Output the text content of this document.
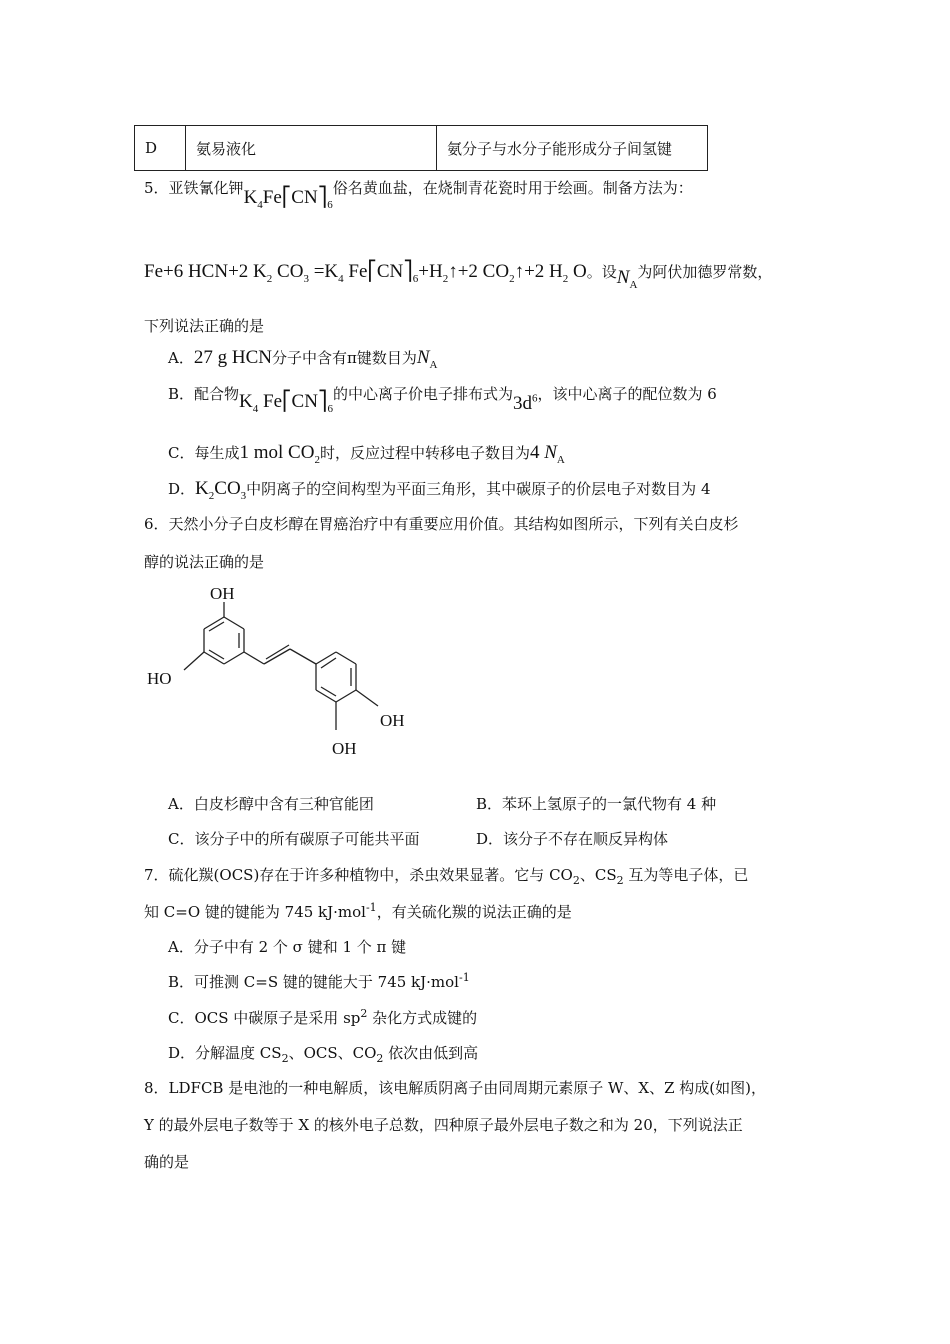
D	氨易液化	氨分子与水分子能形成分子间氢键
5．亚铁氰化钾$K_4Fe⎡CN⎤_6$俗名黄血盐，在烧制青花瓷时用于绘画。制备方法为：
Fe+6 HCN+2 $K_2$ $CO_3 =K_4$ $Fe⎡CN⎤_6+H_2↑+2$ $CO_2↑+2$ $H_2$ O。设$N_A$为阿伏加德罗常数，
下列说法正确的是
A．27 g HCN分子中含有π键数目为$N_A$
B．配合物$K_4$ $Fe⎡CN⎤_6$的中心离子价电子排布式为$3d^6$，该中心离子的配位数为 6
C．每生成1 mol $CO_2$时，反应过程中转移电子数目为4 $N_A$
D．$K_2CO_3$中阴离子的空间构型为平面三角形，其中碳原子的价层电子对数目为 4
6．天然小分子白皮杉醇在胃癌治疗中有重要应用价值。其结构如图所示，下列有关白皮杉
醇的说法正确的是
OH
HO
OH
OH
A．白皮杉醇中含有三种官能团	B．苯环上氢原子的一氯代物有 4 种
C．该分子中的所有碳原子可能共平面	D．该分子不存在顺反异构体
7．硫化羰(OCS)存在于许多种植物中，杀虫效果显著。它与 $CO_2$、$CS_2$ 互为等电子体，已
知 C=O 键的键能为 745 kJ·mol$^{-1}$，有关硫化羰的说法正确的是
A．分子中有 2 个 σ 键和 1 个 π 键
B．可推测 C=S 键的键能大于 745 kJ·mol$^{-1}$
C．OCS 中碳原子是采用 $sp^2$ 杂化方式成键的
D．分解温度 $CS_2$、OCS、$CO_2$ 依次由低到高
8．LDFCB 是电池的一种电解质，该电解质阴离子由同周期元素原子 W、X、Z 构成(如图)，
Y 的最外层电子数等于 X 的核外电子总数，四种原子最外层电子数之和为 20，下列说法正
确的是
